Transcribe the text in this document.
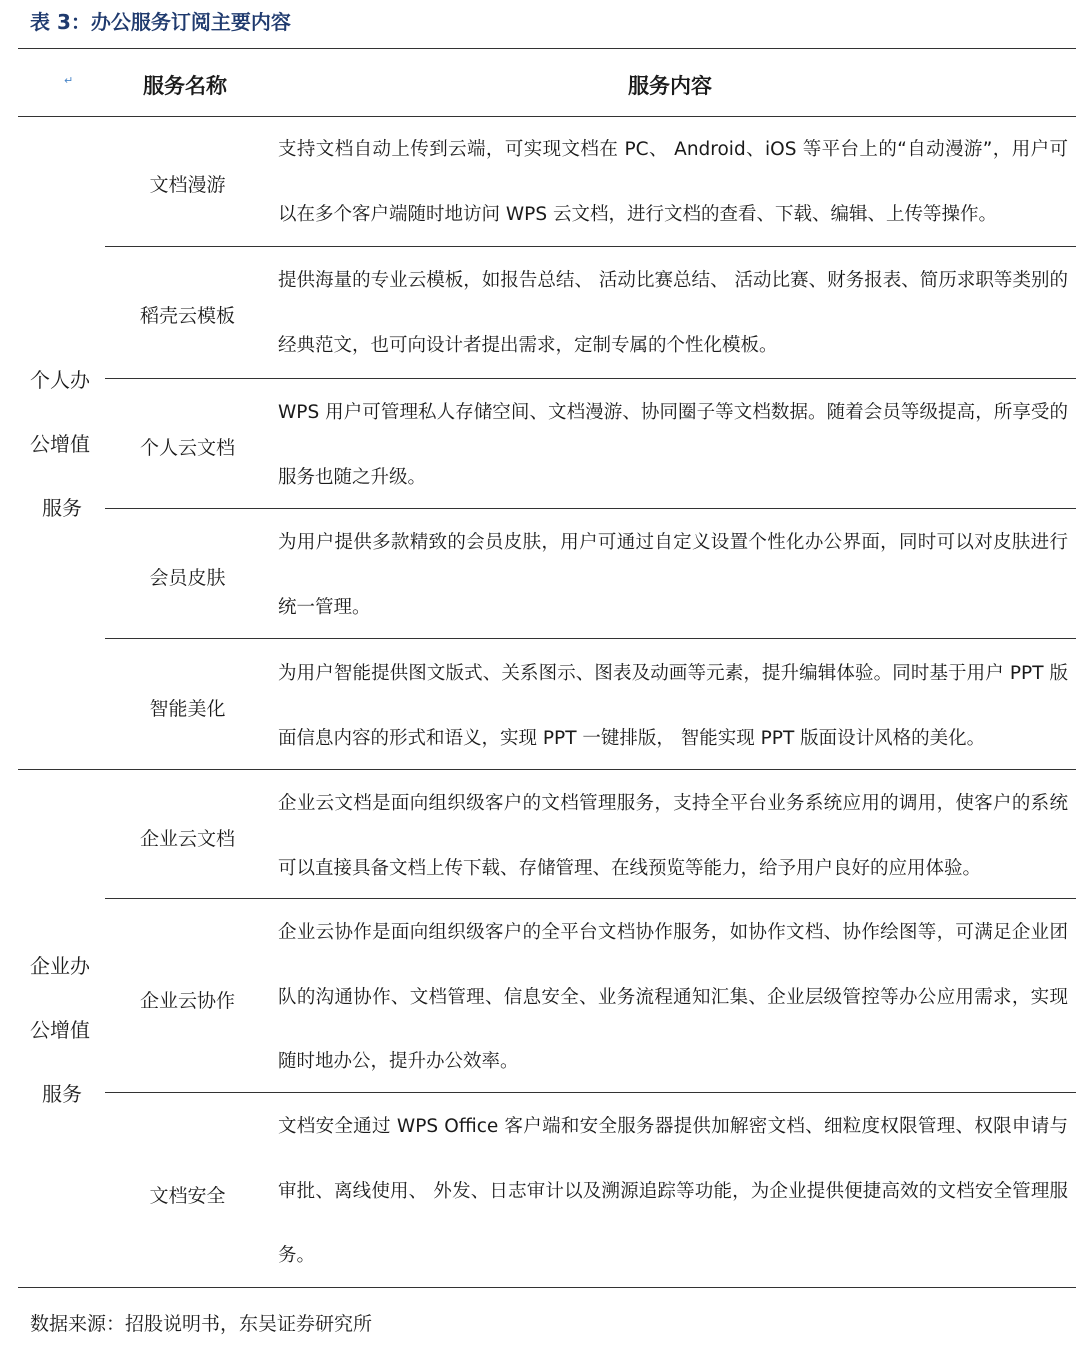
表 3：办公服务订阅主要内容
↵	服务名称	服务内容
个人办
公增值
服务
文档漫游
支持文档自动上传到云端，可实现文档在 PC、 Android、iOS 等平台上的“自动漫游”，用户可以在多个客户端随时地访问 WPS 云文档，进行文档的查看、下载、编辑、上传等操作。
稻壳云模板
提供海量的专业云模板，如报告总结、 活动比赛总结、 活动比赛、财务报表、简历求职等类别的经典范文，也可向设计者提出需求，定制专属的个性化模板。
个人云文档
WPS 用户可管理私人存储空间、文档漫游、协同圈子等文档数据。随着会员等级提高，所享受的服务也随之升级。
会员皮肤
为用户提供多款精致的会员皮肤，用户可通过自定义设置个性化办公界面，同时可以对皮肤进行统一管理。
智能美化
为用户智能提供图文版式、关系图示、图表及动画等元素，提升编辑体验。同时基于用户 PPT 版面信息内容的形式和语义，实现 PPT 一键排版， 智能实现 PPT 版面设计风格的美化。
企业办
公增值
服务
企业云文档
企业云文档是面向组织级客户的文档管理服务，支持全平台业务系统应用的调用，使客户的系统可以直接具备文档上传下载、存储管理、在线预览等能力，给予用户良好的应用体验。
企业云协作
企业云协作是面向组织级客户的全平台文档协作服务，如协作文档、协作绘图等，可满足企业团队的沟通协作、文档管理、信息安全、业务流程通知汇集、企业层级管控等办公应用需求，实现随时地办公，提升办公效率。
文档安全
文档安全通过 WPS Office 客户端和安全服务器提供加解密文档、细粒度权限管理、权限申请与审批、离线使用、 外发、日志审计以及溯源追踪等功能，为企业提供便捷高效的文档安全管理服务。
数据来源：招股说明书，东吴证券研究所
